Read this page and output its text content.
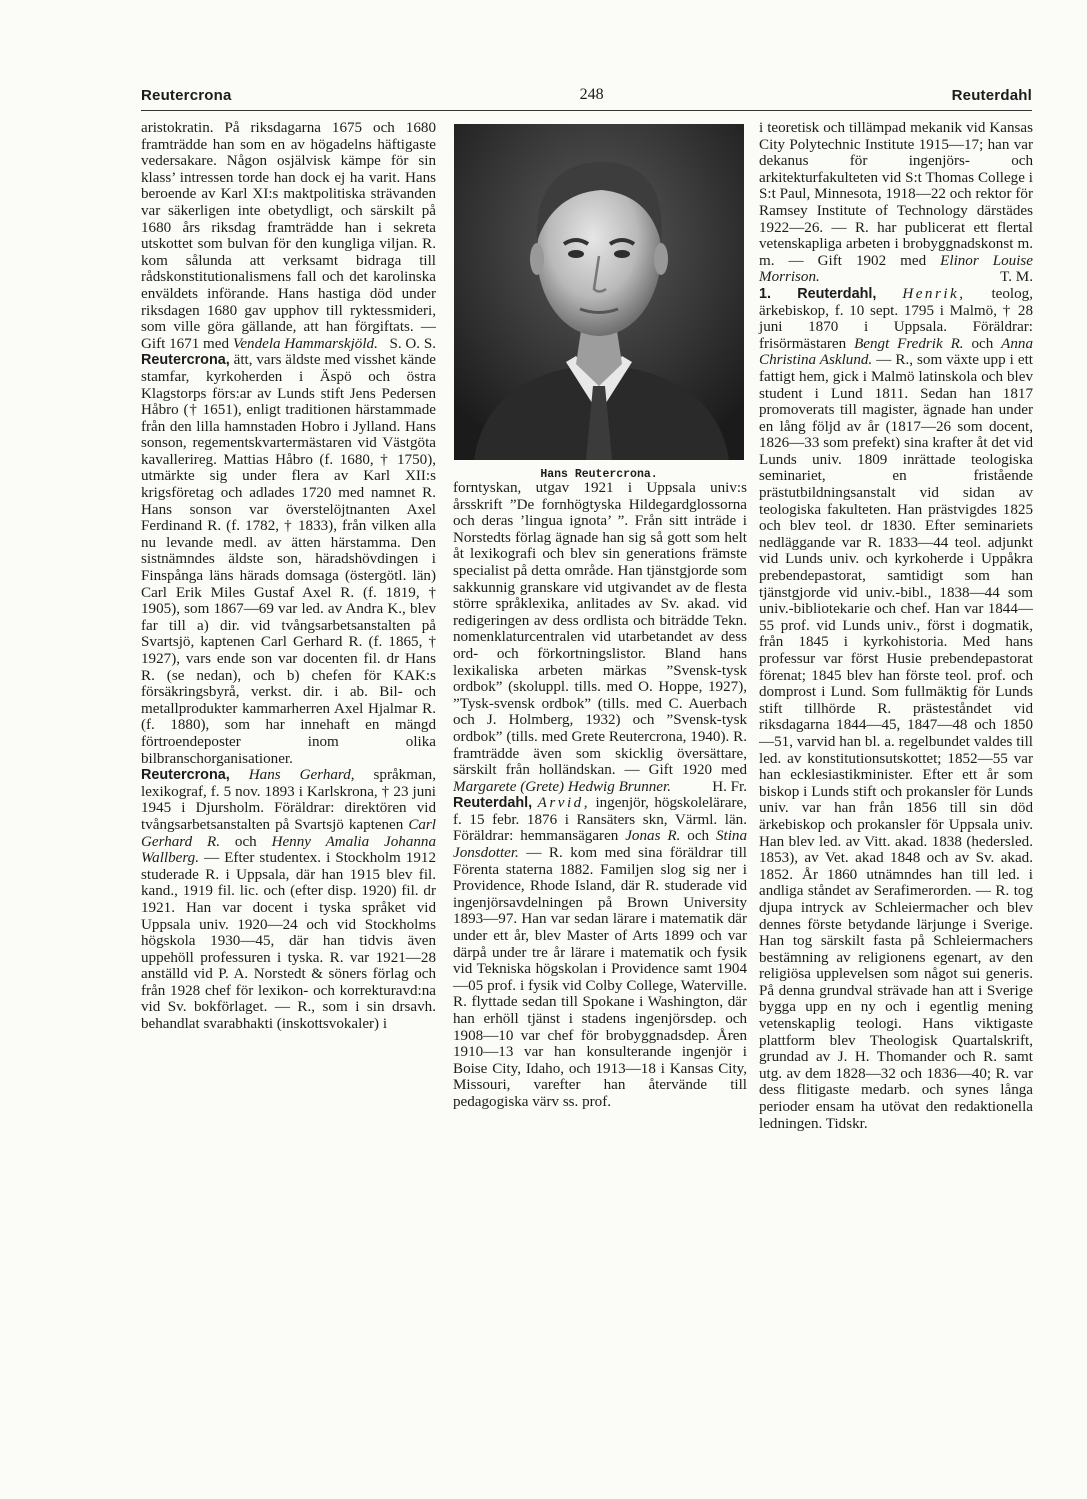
Reutercrona	248	Reuterdahl

aristokratin. På riksdagarna 1675 och 1680 framträdde han som en av högadelns häftigaste vedersakare. Någon osjälvisk kämpe för sin klass’ intressen torde han dock ej ha varit. Hans beroende av Karl XI:s maktpolitiska strävanden var säkerligen inte obetydligt, och särskilt på 1680 års riksdag framträdde han i sekreta utskottet som bulvan för den kungliga viljan. R. kom sålunda att verksamt bidraga till rådskonstitutionalismens fall och det karolinska enväldets införande. Hans hastiga död under riksdagen 1680 gav upphov till ryktessmideri, som ville göra gällande, att han förgiftats. — Gift 1671 med Vendela Hammarskjöld. S. O. S.

Reutercrona, ätt, vars äldste med visshet kände stamfar, kyrkoherden i Äspö och östra Klagstorps förs:ar av Lunds stift Jens Pedersen Håbro († 1651), enligt traditionen härstammade från den lilla hamnstaden Hobro i Jylland. Hans sonson, regementskvartermästaren vid Västgöta kavallerireg. Mattias Håbro (f. 1680, † 1750), utmärkte sig under flera av Karl XII:s krigsföretag och adlades 1720 med namnet R. Hans sonson var överstelöjtnanten Axel Ferdinand R. (f. 1782, † 1833), från vilken alla nu levande medl. av ätten härstamma. Den sistnämndes äldste son, häradshövdingen i Finspånga läns härads domsaga (östergötl. län) Carl Erik Miles Gustaf Axel R. (f. 1819, † 1905), som 1867—69 var led. av Andra K., blev far till a) dir. vid tvångsarbetsanstalten på Svartsjö, kaptenen Carl Gerhard R. (f. 1865, † 1927), vars ende son var docenten fil. dr Hans R. (se nedan), och b) chefen för KAK:s försäkringsbyrå, verkst. dir. i ab. Bil- och metallprodukter kammarherren Axel Hjalmar R. (f. 1880), som har innehaft en mängd förtroendeposter inom olika bilbranschorganisationer.

Reutercrona, Hans Gerhard, språkman, lexikograf, f. 5 nov. 1893 i Karlskrona, † 23 juni 1945 i Djursholm. Föräldrar: direktören vid tvångsarbetsanstalten på Svartsjö kaptenen Carl Gerhard R. och Henny Amalia Johanna Wallberg. — Efter studentex. i Stockholm 1912 studerade R. i Uppsala, där han 1915 blev fil. kand., 1919 fil. lic. och (efter disp. 1920) fil. dr 1921. Han var docent i tyska språket vid Uppsala univ. 1920—24 och vid Stockholms högskola 1930—45, där han tidvis även uppehöll professuren i tyska. R. var 1921—28 anställd vid P. A. Norstedt & söners förlag och från 1928 chef för lexikon- och korrekturavd:na vid Sv. bokförlaget. — R., som i sin drsavh. behandlat svarabhakti (inskottsvokaler) i

Hans Reutercrona.

forntyskan, utgav 1921 i Uppsala univ:s årsskrift ”De fornhögtyska Hildegardglossorna och deras ’lingua ignota’ ”. Från sitt inträde i Norstedts förlag ägnade han sig så gott som helt åt lexikografi och blev sin generations främste specialist på detta område. Han tjänstgjorde som sakkunnig granskare vid utgivandet av de flesta större språklexika, anlitades av Sv. akad. vid redigeringen av dess ordlista och biträdde Tekn. nomenklaturcentralen vid utarbetandet av dess ord- och förkortningslistor. Bland hans lexikaliska arbeten märkas ”Svensk-tysk ordbok” (skoluppl. tills. med O. Hoppe, 1927), ”Tysk-svensk ordbok” (tills. med C. Auerbach och J. Holmberg, 1932) och ”Svensk-tysk ordbok” (tills. med Grete Reutercrona, 1940). R. framträdde även som skicklig översättare, särskilt från holländskan. — Gift 1920 med Margarete (Grete) Hedwig Brunner.	H. Fr.

Reuterdahl, Arvid, ingenjör, högskolelärare, f. 15 febr. 1876 i Ransäters skn, Värml. län. Föräldrar: hemmansägaren Jonas R. och Stina Jonsdotter. — R. kom med sina föräldrar till Förenta staterna 1882. Familjen slog sig ner i Providence, Rhode Island, där R. studerade vid ingenjörsavdelningen på Brown University 1893—97. Han var sedan lärare i matematik där under ett år, blev Master of Arts 1899 och var därpå under tre år lärare i matematik och fysik vid Tekniska högskolan i Providence samt 1904—05 prof. i fysik vid Colby College, Waterville. R. flyttade sedan till Spokane i Washington, där han erhöll tjänst i stadens ingenjörsdep. och 1908—10 var chef för brobyggnadsdep. Åren 1910—13 var han konsulterande ingenjör i Boise City, Idaho, och 1913—18 i Kansas City, Missouri, varefter han återvände till pedagogiska värv ss. prof.

i teoretisk och tillämpad mekanik vid Kansas City Polytechnic Institute 1915—17; han var dekanus för ingenjörs- och arkitekturfakulteten vid S:t Thomas College i S:t Paul, Minnesota, 1918—22 och rektor för Ramsey Institute of Technology därstädes 1922—26. — R. har publicerat ett flertal vetenskapliga arbeten i brobyggnadskonst m. m. — Gift 1902 med Elinor Louise Morrison.	T. M.

1. Reuterdahl, Henrik, teolog, ärkebiskop, f. 10 sept. 1795 i Malmö, † 28 juni 1870 i Uppsala. Föräldrar: frisörmästaren Bengt Fredrik R. och Anna Christina Asklund. — R., som växte upp i ett fattigt hem, gick i Malmö latinskola och blev student i Lund 1811. Sedan han 1817 promoverats till magister, ägnade han under en lång följd av år (1817—26 som docent, 1826—33 som prefekt) sina krafter åt det vid Lunds univ. 1809 inrättade teologiska seminariet, en fristående prästutbildningsanstalt vid sidan av teologiska fakulteten. Han prästvigdes 1825 och blev teol. dr 1830. Efter seminariets nedläggande var R. 1833—44 teol. adjunkt vid Lunds univ. och kyrkoherde i Uppåkra prebendepastorat, samtidigt som han tjänstgjorde vid univ.-bibl., 1838—44 som univ.-bibliotekarie och chef. Han var 1844—55 prof. vid Lunds univ., först i dogmatik, från 1845 i kyrkohistoria. Med hans professur var först Husie prebendepastorat förenat; 1845 blev han förste teol. prof. och domprost i Lund. Som fullmäktig för Lunds stift tillhörde R. prästeståndet vid riksdagarna 1844—45, 1847—48 och 1850—51, varvid han bl. a. regelbundet valdes till led. av konstitutionsutskottet; 1852—55 var han ecklesiastikminister. Efter ett år som biskop i Lunds stift och prokansler för Lunds univ. var han från 1856 till sin död ärkebiskop och prokansler för Uppsala univ. Han blev led. av Vitt. akad. 1838 (hedersled. 1853), av Vet. akad 1848 och av Sv. akad. 1852. År 1860 utnämndes han till led. i andliga ståndet av Serafimerorden. — R. tog djupa intryck av Schleiermacher och blev dennes förste betydande lärjunge i Sverige. Han tog särskilt fasta på Schleiermachers bestämning av religionens egenart, av den religiösa upplevelsen som något sui generis. På denna grundval strävade han att i Sverige bygga upp en ny och i egentlig mening vetenskaplig teologi. Hans viktigaste plattform blev Theologisk Quartalskrift, grundad av J. H. Thomander och R. samt utg. av dem 1828—32 och 1836—40; R. var dess flitigaste medarb. och synes långa perioder ensam ha utövat den redaktionella ledningen. Tidskr.
